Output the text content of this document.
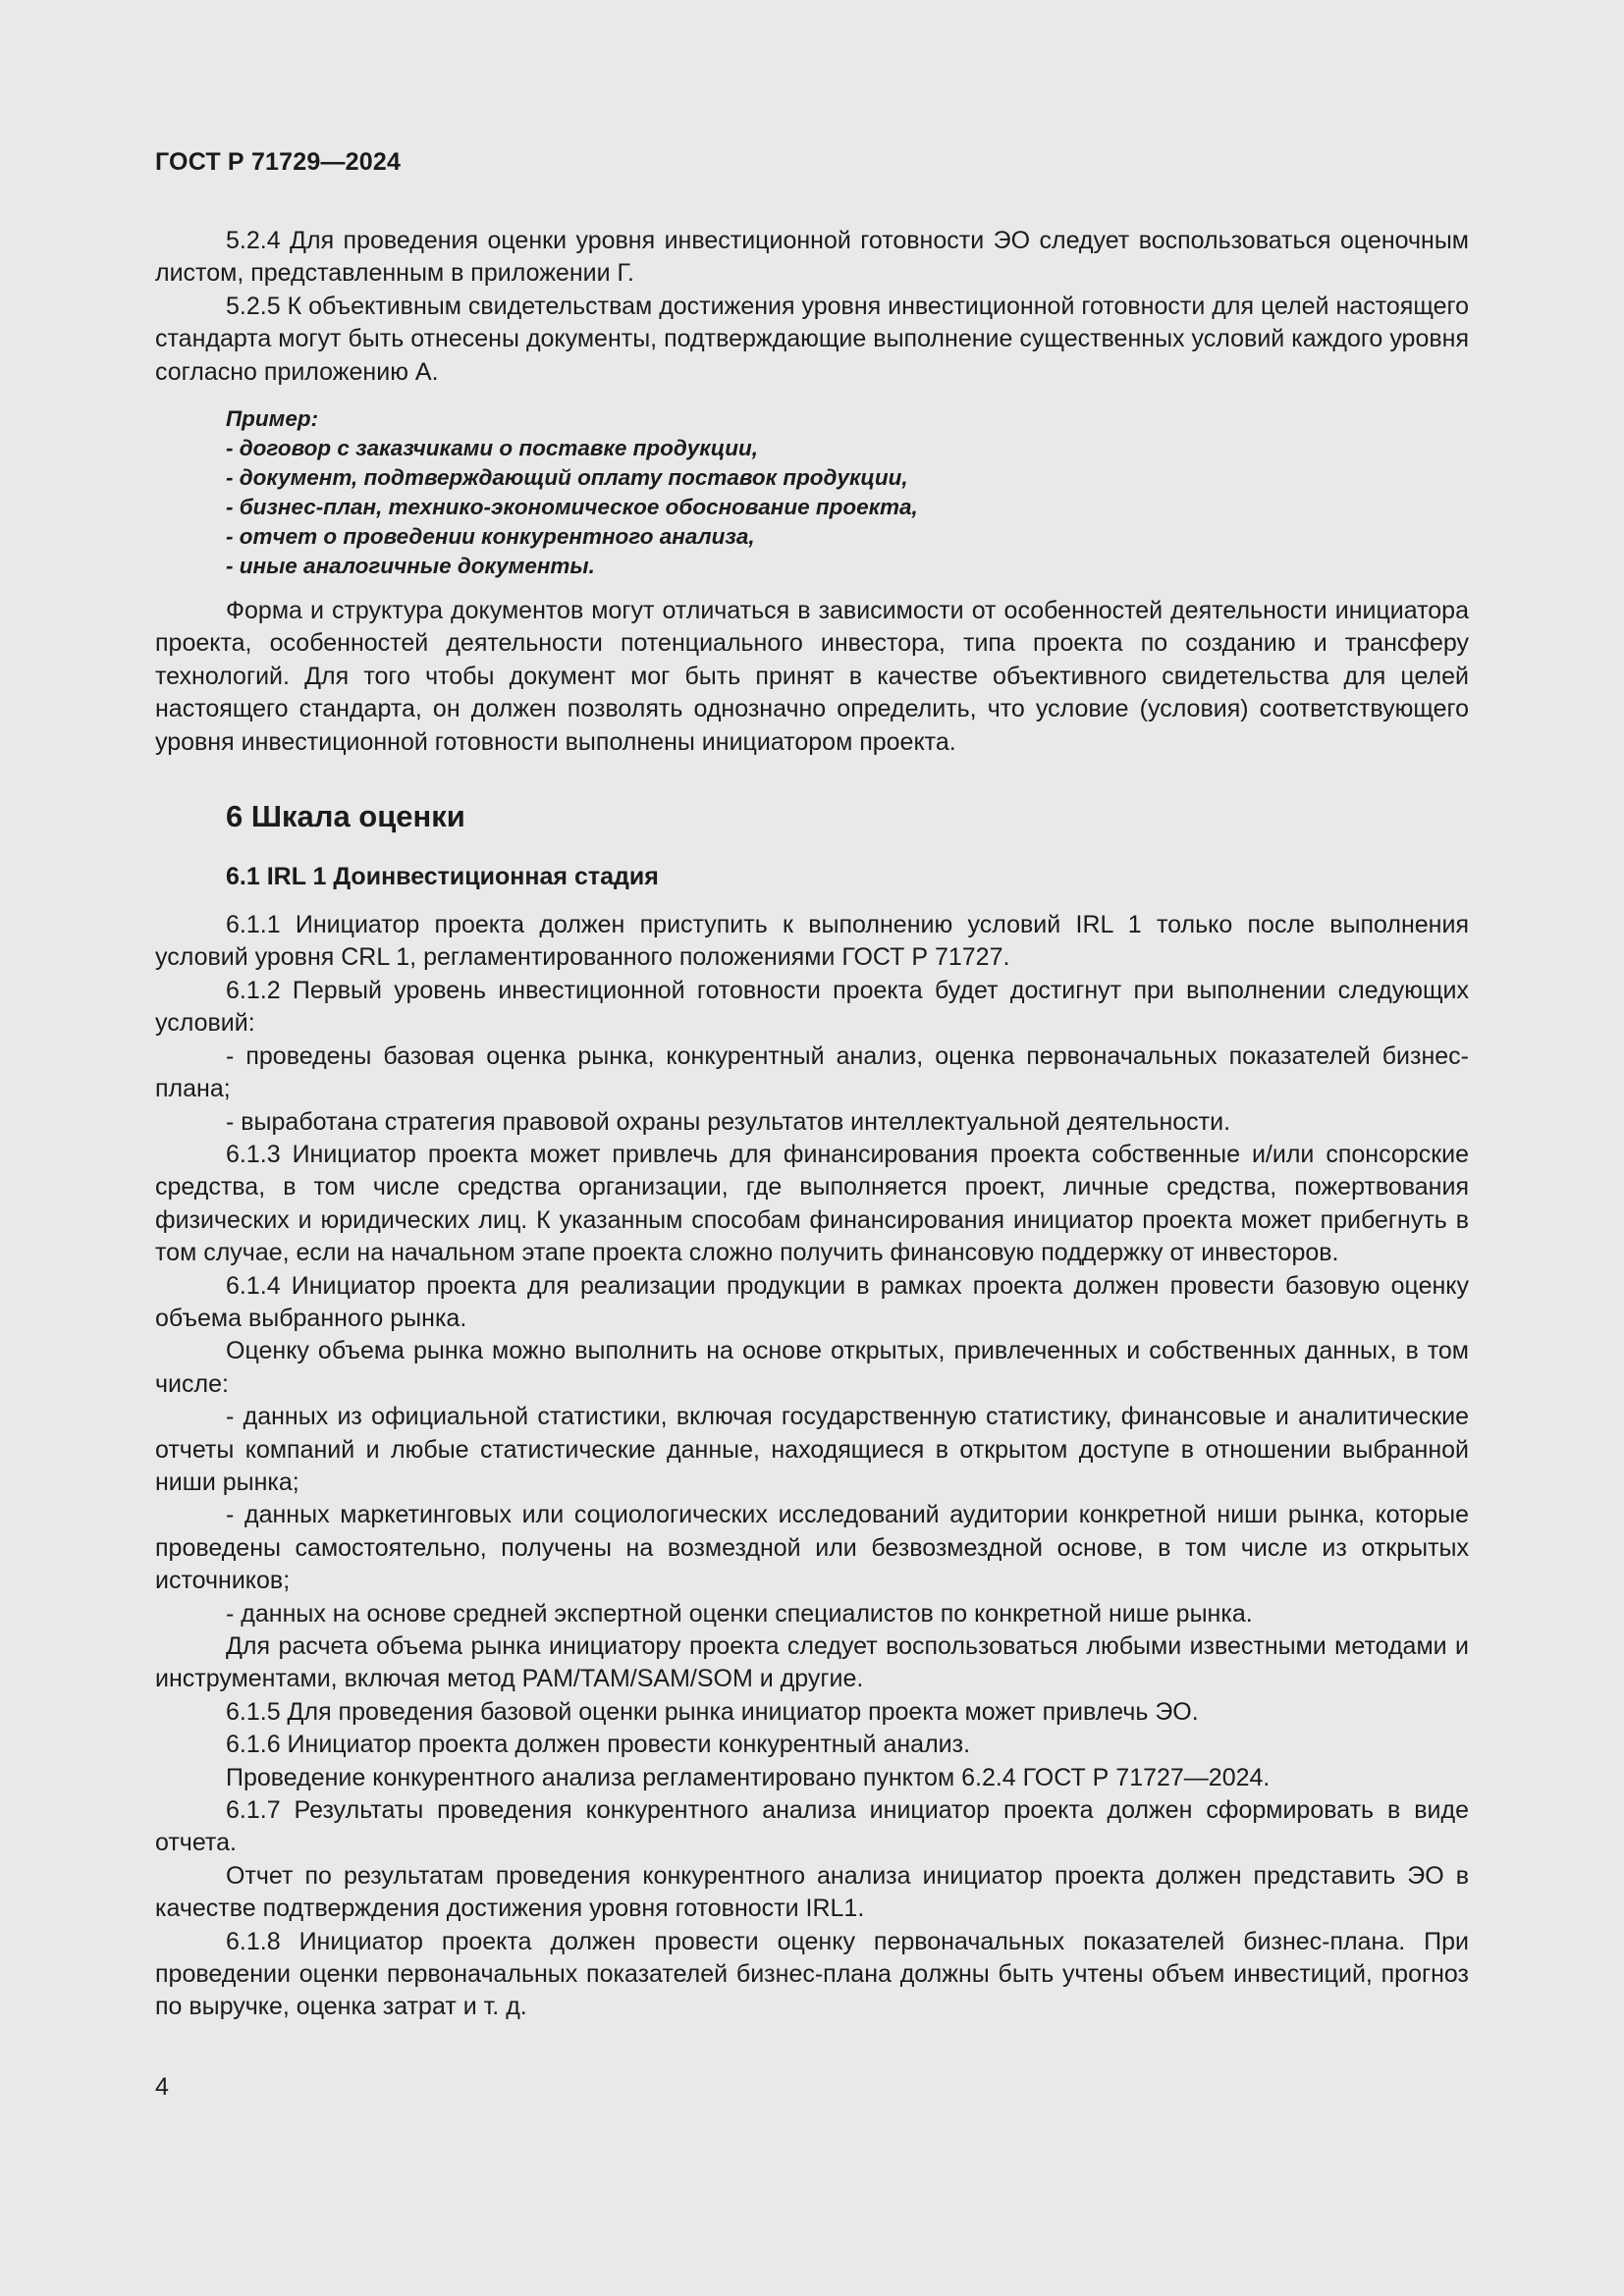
ГОСТ Р 71729—2024

5.2.4 Для проведения оценки уровня инвестиционной готовности ЭО следует воспользоваться оценочным листом, представленным в приложении Г.

5.2.5 К объективным свидетельствам достижения уровня инвестиционной готовности для целей настоящего стандарта могут быть отнесены документы, подтверждающие выполнение существенных условий каждого уровня согласно приложению А.

Пример:
- договор с заказчиками о поставке продукции,
- документ, подтверждающий оплату поставок продукции,
- бизнес-план, технико-экономическое обоснование проекта,
- отчет о проведении конкурентного анализа,
- иные аналогичные документы.

Форма и структура документов могут отличаться в зависимости от особенностей деятельности инициатора проекта, особенностей деятельности потенциального инвестора, типа проекта по созданию и трансферу технологий. Для того чтобы документ мог быть принят в качестве объективного свидетельства для целей настоящего стандарта, он должен позволять однозначно определить, что условие (условия) соответствующего уровня инвестиционной готовности выполнены инициатором проекта.

6 Шкала оценки
6.1 IRL 1 Доинвестиционная стадия

6.1.1 Инициатор проекта должен приступить к выполнению условий IRL 1 только после выполнения условий уровня CRL 1, регламентированного положениями ГОСТ Р 71727.

6.1.2 Первый уровень инвестиционной готовности проекта будет достигнут при выполнении следующих условий:

- проведены базовая оценка рынка, конкурентный анализ, оценка первоначальных показателей бизнес-плана;

- выработана стратегия правовой охраны результатов интеллектуальной деятельности.

6.1.3 Инициатор проекта может привлечь для финансирования проекта собственные и/или спонсорские средства, в том числе средства организации, где выполняется проект, личные средства, пожертвования физических и юридических лиц. К указанным способам финансирования инициатор проекта может прибегнуть в том случае, если на начальном этапе проекта сложно получить финансовую поддержку от инвесторов.

6.1.4 Инициатор проекта для реализации продукции в рамках проекта должен провести базовую оценку объема выбранного рынка.

Оценку объема рынка можно выполнить на основе открытых, привлеченных и собственных данных, в том числе:

- данных из официальной статистики, включая государственную статистику, финансовые и аналитические отчеты компаний и любые статистические данные, находящиеся в открытом доступе в отношении выбранной ниши рынка;

- данных маркетинговых или социологических исследований аудитории конкретной ниши рынка, которые проведены самостоятельно, получены на возмездной или безвозмездной основе, в том числе из открытых источников;

- данных на основе средней экспертной оценки специалистов по конкретной нише рынка.

Для расчета объема рынка инициатору проекта следует воспользоваться любыми известными методами и инструментами, включая метод PAM/TAM/SAM/SOM и другие.

6.1.5 Для проведения базовой оценки рынка инициатор проекта может привлечь ЭО.

6.1.6 Инициатор проекта должен провести конкурентный анализ.

Проведение конкурентного анализа регламентировано пунктом 6.2.4 ГОСТ Р 71727—2024.

6.1.7 Результаты проведения конкурентного анализа инициатор проекта должен сформировать в виде отчета.

Отчет по результатам проведения конкурентного анализа инициатор проекта должен представить ЭО в качестве подтверждения достижения уровня готовности IRL1.

6.1.8 Инициатор проекта должен провести оценку первоначальных показателей бизнес-плана. При проведении оценки первоначальных показателей бизнес-плана должны быть учтены объем инвестиций, прогноз по выручке, оценка затрат и т. д.

4
